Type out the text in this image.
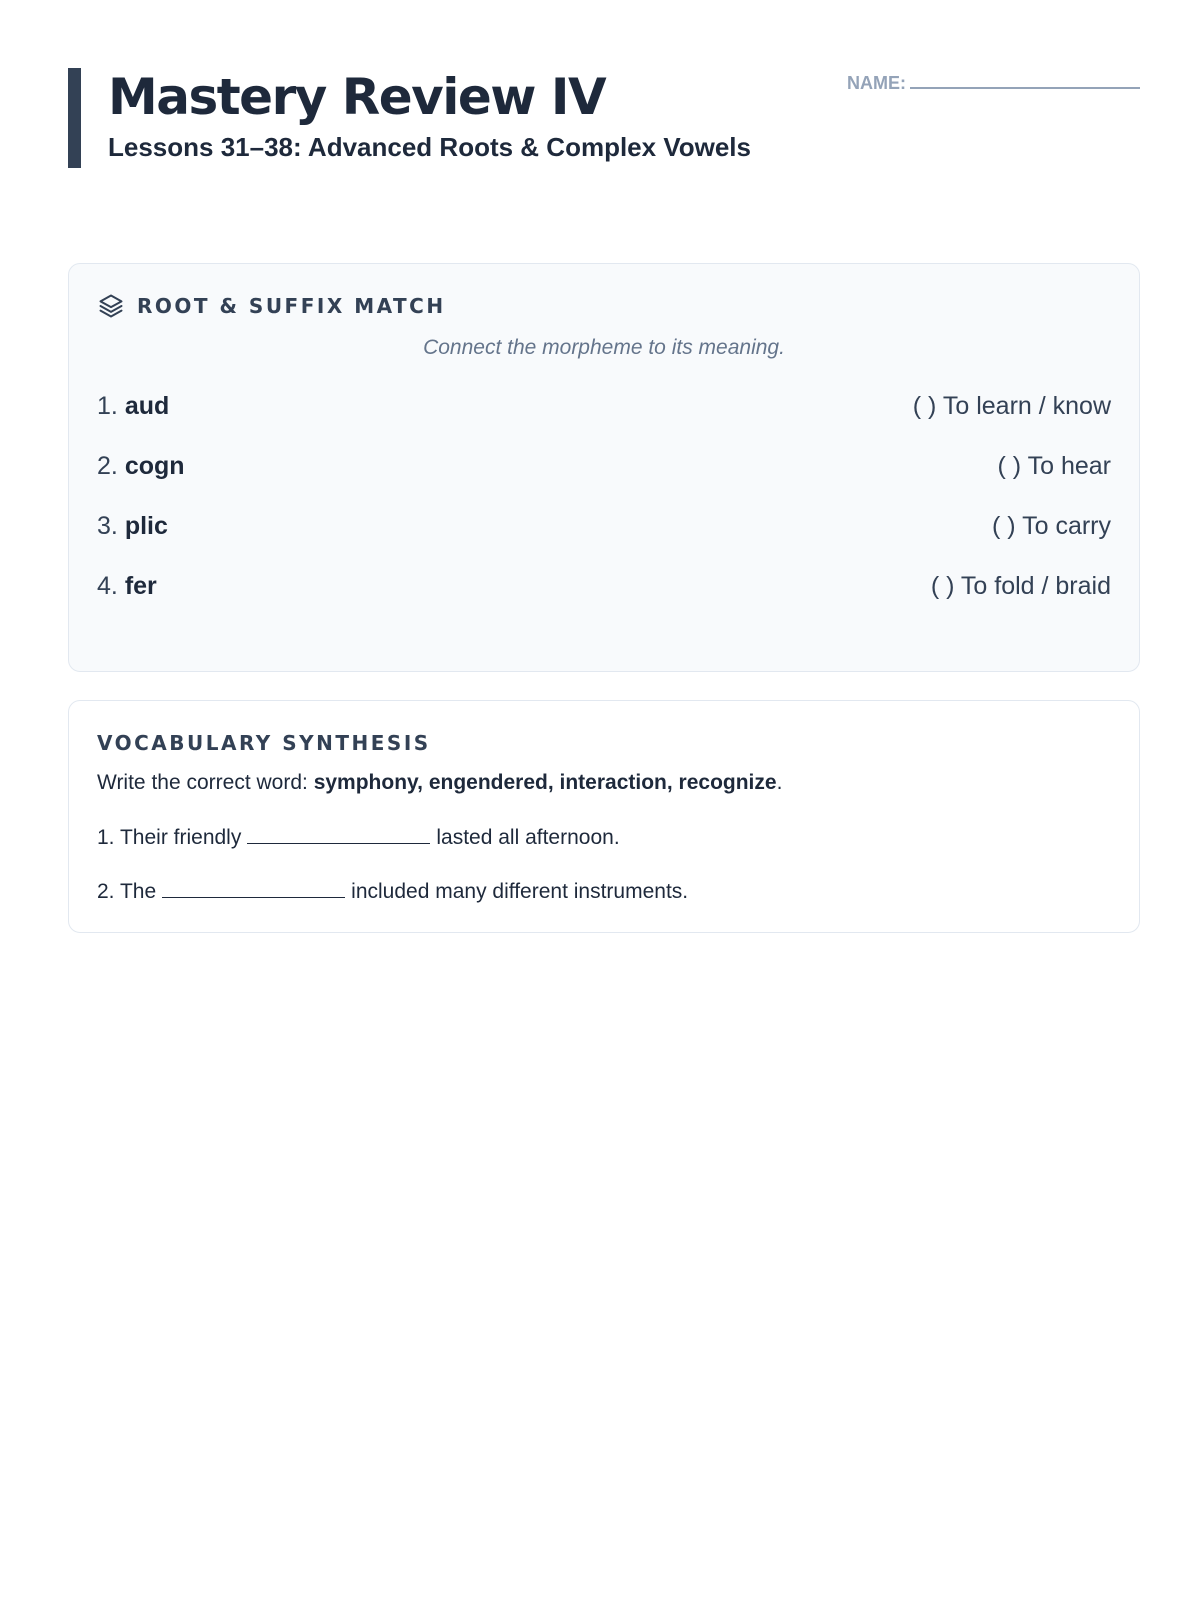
Mastery Review IV
Lessons 31–38: Advanced Roots & Complex Vowels
NAME:
ROOT & SUFFIX MATCH
Connect the morpheme to its meaning.
1. aud	( ) To learn / know
2. cogn	( ) To hear
3. plic	( ) To carry
4. fer	( ) To fold / braid
VOCABULARY SYNTHESIS
Write the correct word: symphony, engendered, interaction, recognize.
1. Their friendly	lasted all afternoon.
2. The	included many different instruments.
